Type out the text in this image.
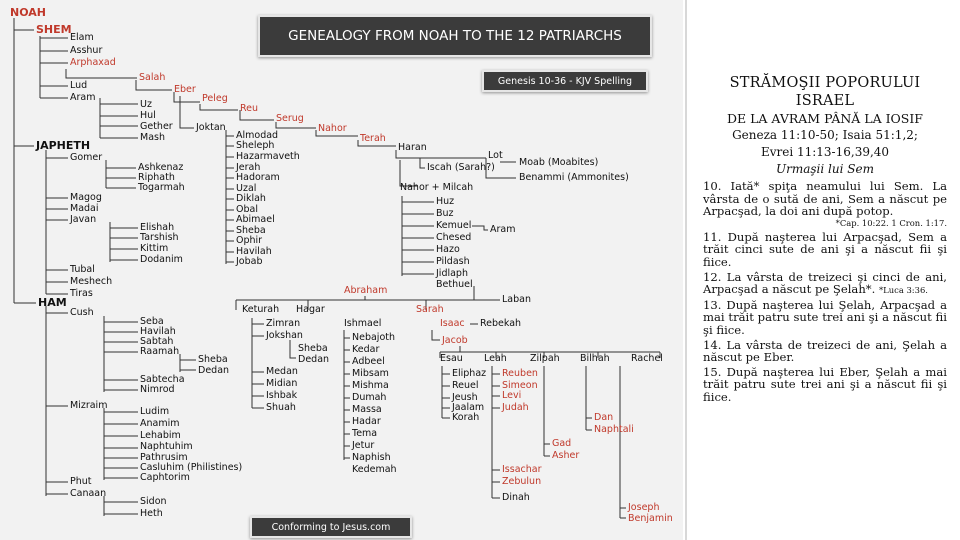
NOAH
SHEM
JAPHETH
HAM
Elam
Asshur
Arphaxad
Lud
Aram
Salah
Eber
Peleg
Reu
Serug
Nahor
Terah
Uz
Hul
Gether
Mash
Joktan
Almodad
Sheleph
Hazarmaveth
Jerah
Hadoram
Uzal
Diklah
Obal
Abimael
Sheba
Ophir
Havilah
Jobab
Haran
Lot
Iscah (Sarah?)	Moab (Moabites)
Benammi (Ammonites)
Nahor + Milcah
Huz
Buz
Kemuel
Chesed
Hazo
Pildash
Jidlaph
Bethuel
Aram
Laban
Gomer
Ashkenaz
Riphath
Togarmah
Magog
Madai
Javan
Elishah
Tarshish
Kittim
Dodanim
Tubal
Meshech
Tiras	Abraham
Keturah Hagar	Sarah
Zimran
Jokshan
Sheba
Dedan
Medan
Midian
Ishbak
Shuah
Ishmael
Nebajoth
Kedar
Adbeel
Mibsam
Mishma
Dumah
Massa
Hadar
Tema
Jetur
Naphish
Kedemah
Isaac Rebekah
Jacob
Esau Leah Zilpah Bilhah Rachel
Eliphaz
Reuel
Jeush
Jaalam
Korah
Reuben
Simeon
Levi
Judah
Issachar
Zebulun
Dinah
Gad
Asher
Dan
Naphtali
Joseph
Benjamin
Cush
Seba
Havilah
Sabtah
Raamah
Sheba
Dedan
Sabtecha
Nimrod
Mizraim
Ludim
Anamim
Lehabim
Naphtuhim
Pathrusim
Casluhim (Philistines)
Caphtorim
Phut
Canaan
Sidon
Heth
GENEALOGY FROM NOAH TO THE 12 PATRIARCHS
Genesis 10-36 - KJV Spelling
Conforming to Jesus.com
STRĂMOŞII POPORULUI ISRAEL
DE LA AVRAM PÂNĂ LA IOSIF
Geneza 11:10-50; Isaia 51:1,2;
Evrei 11:13-16,39,40
Urmaşii lui Sem

10. Iată* spiţa neamului lui Sem. La vârsta de o sută de ani, Sem a născut pe Arpacşad, la doi ani după potop.

*Cap. 10:22. 1 Cron. 1:17.

11. După naşterea lui Arpacşad, Sem a trăit cinci sute de ani şi a născut fii şi fiice.

12. La vârsta de treizeci şi cinci de ani, Arpacşad a născut pe Şelah*. *Luca 3:36.

13. După naşterea lui Şelah, Arpacşad a mai trăit patru sute trei ani şi a născut fii şi fiice.

14. La vârsta de treizeci de ani, Şelah a născut pe Eber.

15. După naşterea lui Eber, Şelah a mai trăit patru sute trei ani şi a născut fii şi fiice.
